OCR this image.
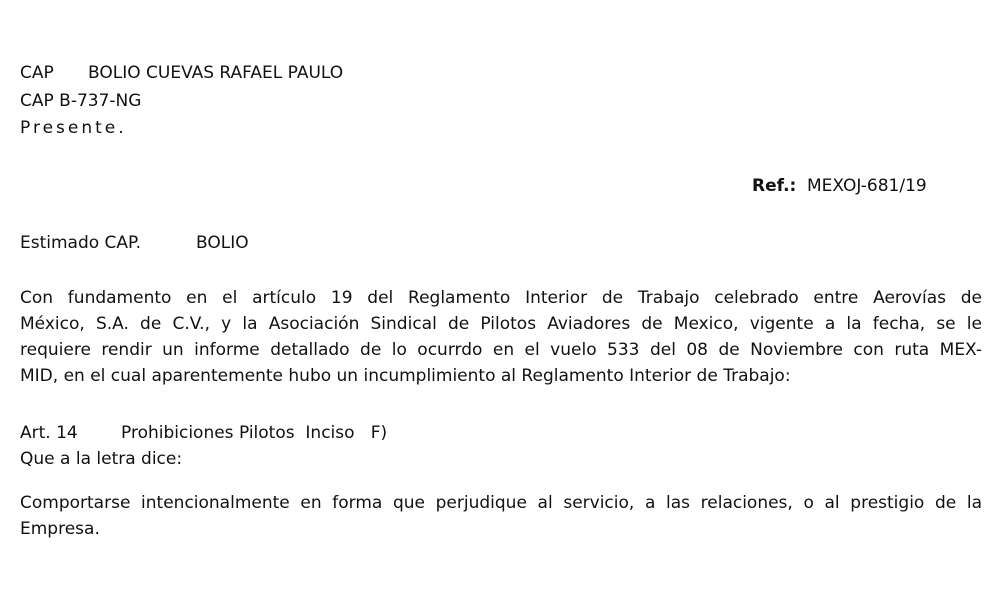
CAP BOLIO CUEVAS RAFAEL PAULO
CAP B-737-NG
Presente.
Ref.: MEXOJ-681/19
Estimado CAP.	BOLIO
Con fundamento en el artículo 19 del Reglamento Interior de Trabajo celebrado entre Aerovías de
México, S.A. de C.V., y la Asociación Sindical de Pilotos Aviadores de Mexico, vigente a la fecha, se le
requiere rendir un informe detallado de lo ocurrdo en el vuelo 533 del 08 de Noviembre con ruta MEX-
MID, en el cual aparentemente hubo un incumplimiento al Reglamento Interior de Trabajo:
Art. 14	Prohibiciones Pilotos  Inciso   F)
Que a la letra dice:
Comportarse intencionalmente en forma que perjudique al servicio, a las relaciones, o al prestigio de la
Empresa.
